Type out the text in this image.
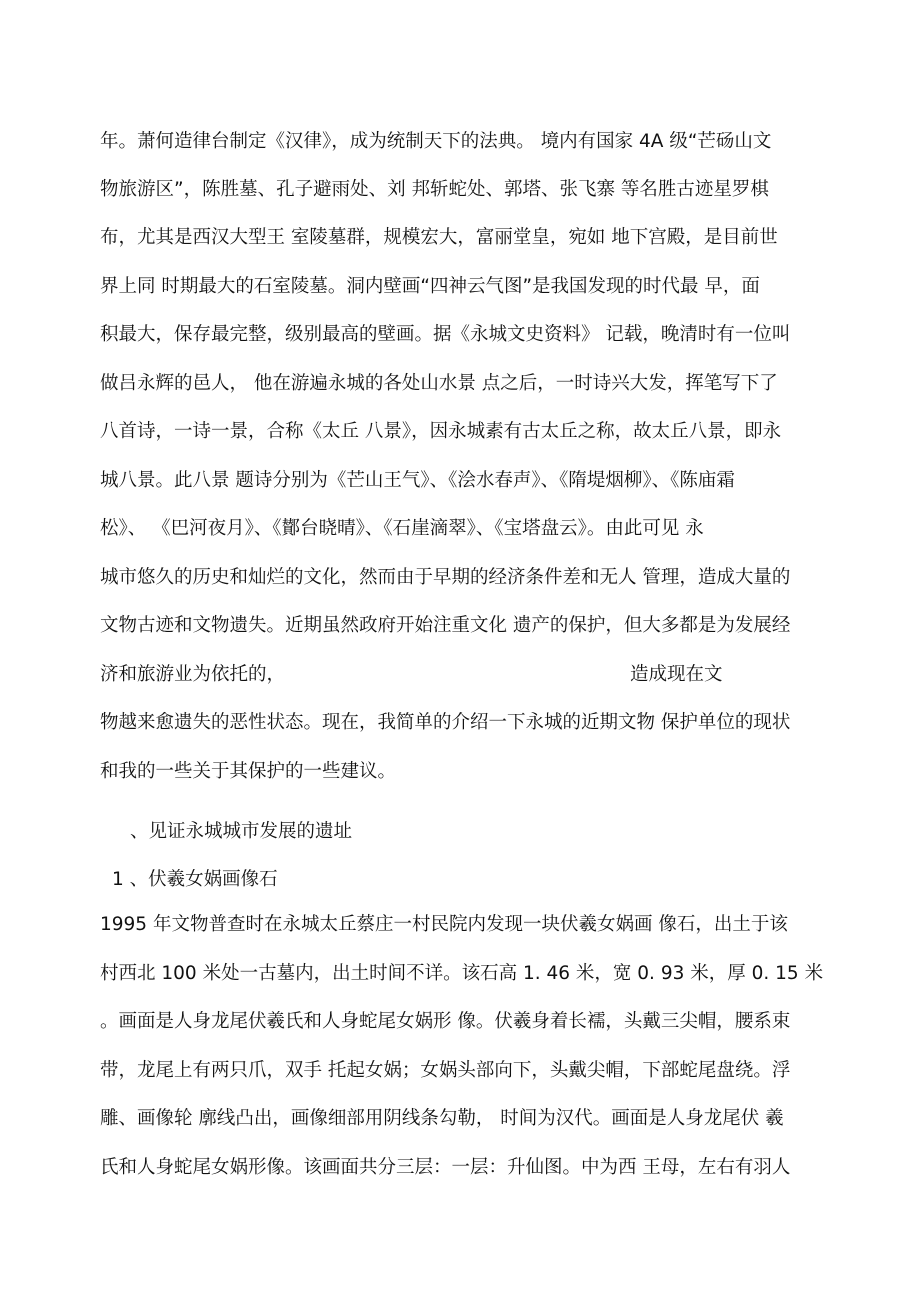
年。萧何造律台制定《汉律》，成为统制天下的法典。 境内有国家 4A 级“芒砀山文
物旅游区”，陈胜墓、孔子避雨处、刘 邦斩蛇处、郭塔、张飞寨 等名胜古迹星罗棋
布，尤其是西汉大型王 室陵墓群，规模宏大，富丽堂皇，宛如 地下宫殿，是目前世
界上同 时期最大的石室陵墓。洞内壁画“四神云气图”是我国发现的时代最 早，面
积最大，保存最完整，级别最高的壁画。据《永城文史资料》 记载，晚清时有一位叫
做吕永辉的邑人， 他在游遍永城的各处山水景 点之后，一时诗兴大发，挥笔写下了
八首诗，一诗一景，合称《太丘 八景》，因永城素有古太丘之称，故太丘八景，即永
城八景。此八景 题诗分别为《芒山王气》、《浍水春声》、《隋堤烟柳》、《陈庙霜
松》、 《巴河夜月》、《鄼台晓晴》、《石崖滴翠》、《宝塔盘云》。由此可见 永
城市悠久的历史和灿烂的文化，然而由于早期的经济条件差和无人 管理，造成大量的
文物古迹和文物遗失。近期虽然政府开始注重文化 遗产的保护，但大多都是为发展经
济和旅游业为依托的，	造成现在文
物越来愈遗失的恶性状态。现在，我简单的介绍一下永城的近期文物 保护单位的现状
和我的一些关于其保护的一些建议。
、见证永城城市发展的遗址
1 、伏羲女娲画像石
1995 年文物普查时在永城太丘蔡庄一村民院内发现一块伏羲女娲画 像石，出土于该
村西北 100 米处一古墓内，出土时间不详。该石高 1. 46 米，宽 0. 93 米，厚 0. 15 米
。画面是人身龙尾伏羲氏和人身蛇尾女娲形 像。伏羲身着长襦，头戴三尖帽，腰系束
带，龙尾上有两只爪，双手 托起女娲；女娲头部向下，头戴尖帽，下部蛇尾盘绕。浮
雕、画像轮 廓线凸出，画像细部用阴线条勾勒， 时间为汉代。画面是人身龙尾伏 羲
氏和人身蛇尾女娲形像。该画面共分三层：一层：升仙图。中为西 王母，左右有羽人
